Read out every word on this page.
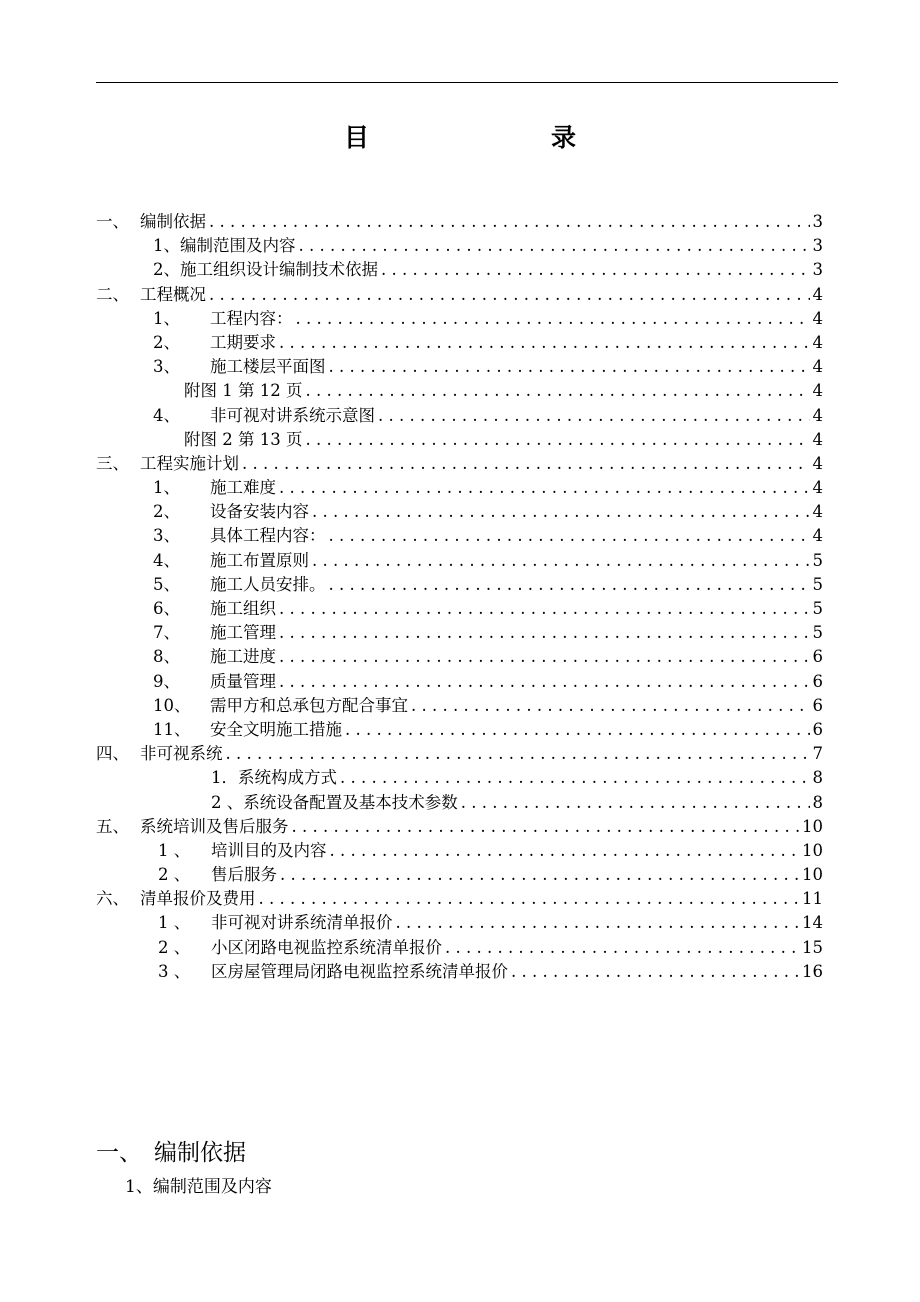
目　　录
一、 编制依据 . . .	3
1、编制范围及内容 . . .	3
2、施工组织设计编制技术依据 . . .	3
二、 工程概况 . . .	4
1、	工程内容： . . .	4
2、	工期要求 . . .	4
3、	施工楼层平面图 . . .	4
附图 1 第 12 页 . . .	4
4、	非可视对讲系统示意图 . . .	4
附图 2 第 13 页 . . .	4
三、 工程实施计划 . . .	4
1、	施工难度 . . .	4
2、	设备安装内容 . . .	4
3、	具体工程内容： . . .	4
4、	施工布置原则 . . .	5
5、	施工人员安排。 . . .	5
6、	施工组织 . . .	5
7、	施工管理 . . .	5
8、	施工进度 . . .	6
9、	质量管理 . . .	6
10、	需甲方和总承包方配合事宜 . . .	6
11、	安全文明施工措施 . . .	6
四、 非可视系统 . . .	7
1．系统构成方式 . . .	8
2 、系统设备配置及基本技术参数 . . .	8
五、 系统培训及售后服务 . . .	10
1 、	培训目的及内容 . . .	10
2 、	售后服务 . . .	10
六、 清单报价及费用 . . .	11
1 、	非可视对讲系统清单报价 . . .	14
2 、	小区闭路电视监控系统清单报价 . . .	15
3 、	区房屋管理局闭路电视监控系统清单报价 . . .	16
一、 编制依据
1、编制范围及内容
